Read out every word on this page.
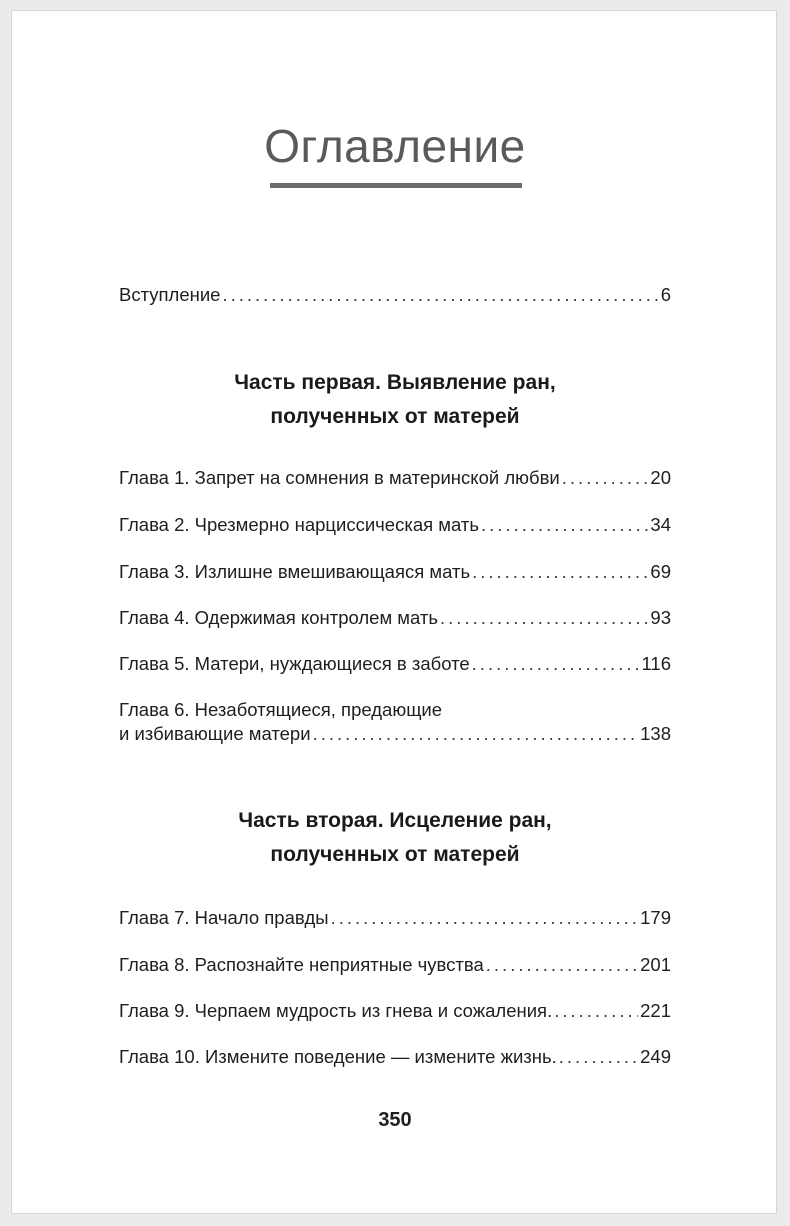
Оглавление
Вступление .....	6
Часть первая. Выявление ран,
полученных от матерей
Глава 1. Запрет на сомнения в материнской любви .....	20
Глава 2. Чрезмерно нарциссическая мать .....	34
Глава 3. Излишне вмешивающаяся мать .....	69
Глава 4. Одержимая контролем мать .....	93
Глава 5. Матери, нуждающиеся в заботе .....	116
Глава 6. Незаботящиеся, предающие
и избивающие матери .....	138
Часть вторая. Исцеление ран,
полученных от матерей
Глава 7. Начало правды .....	179
Глава 8. Распознайте неприятные чувства .....	201
Глава 9. Черпаем мудрость из гнева и сожаления. .....	221
Глава 10. Измените поведение — измените жизнь. .....	249
350
